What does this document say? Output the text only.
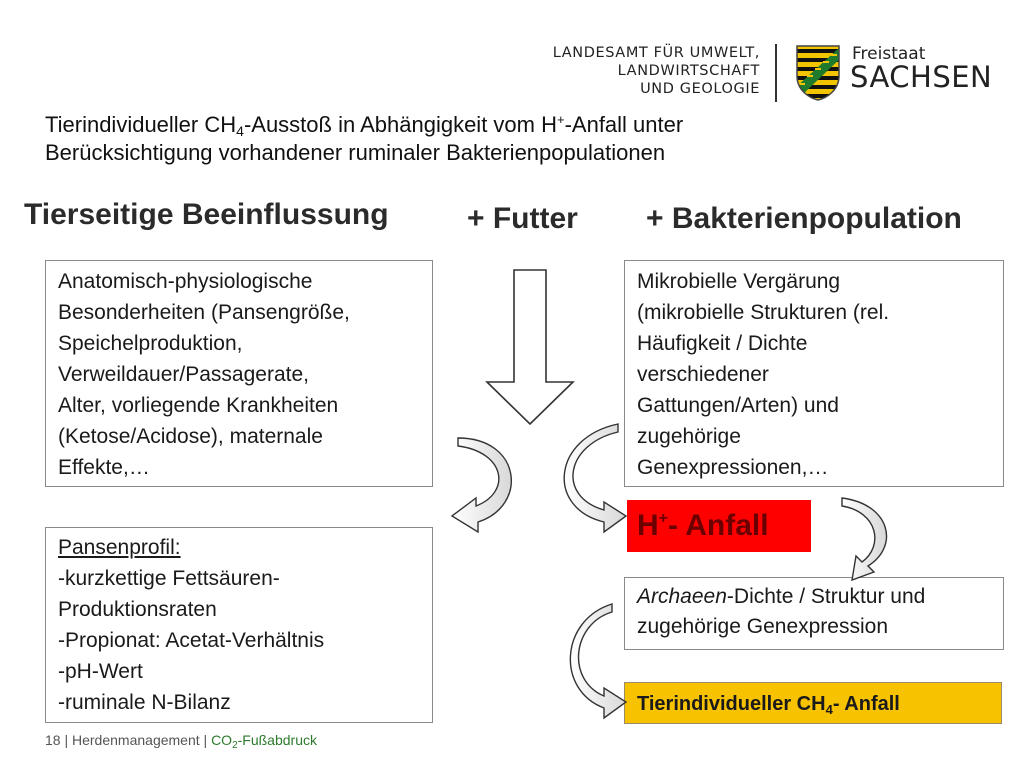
LANDESAMT FÜR UMWELT,
LANDWIRTSCHAFT
UND GEOLOGIE
Freistaat
SACHSEN
Tierindividueller $CH_4$-Ausstoß in Abhängigkeit vom H+-Anfall unter
Berücksichtigung vorhandener ruminaler Bakterienpopulationen
Tierseitige Beeinflussung	+ Futter + Bakterienpopulation
Anatomisch-physiologische
Besonderheiten (Pansengröße,
Speichelproduktion,
Verweildauer/Passagerate,
Alter, vorliegende Krankheiten
(Ketose/Acidose), maternale
Effekte,…
Mikrobielle Vergärung
(mikrobielle Strukturen (rel.
Häufigkeit / Dichte
verschiedener
Gattungen/Arten) und
zugehörige
Genexpressionen,…
Pansenprofil:
-kurzkettige Fettsäuren-
Produktionsraten
-Propionat: Acetat-Verhältnis
-pH-Wert
-ruminale N-Bilanz
H+- Anfall
Archaeen-Dichte / Struktur und
zugehörige Genexpression
Tierindividueller $CH_4-$ Anfall
18 | Herdenmanagement | $CO_2$-Fußabdruck
